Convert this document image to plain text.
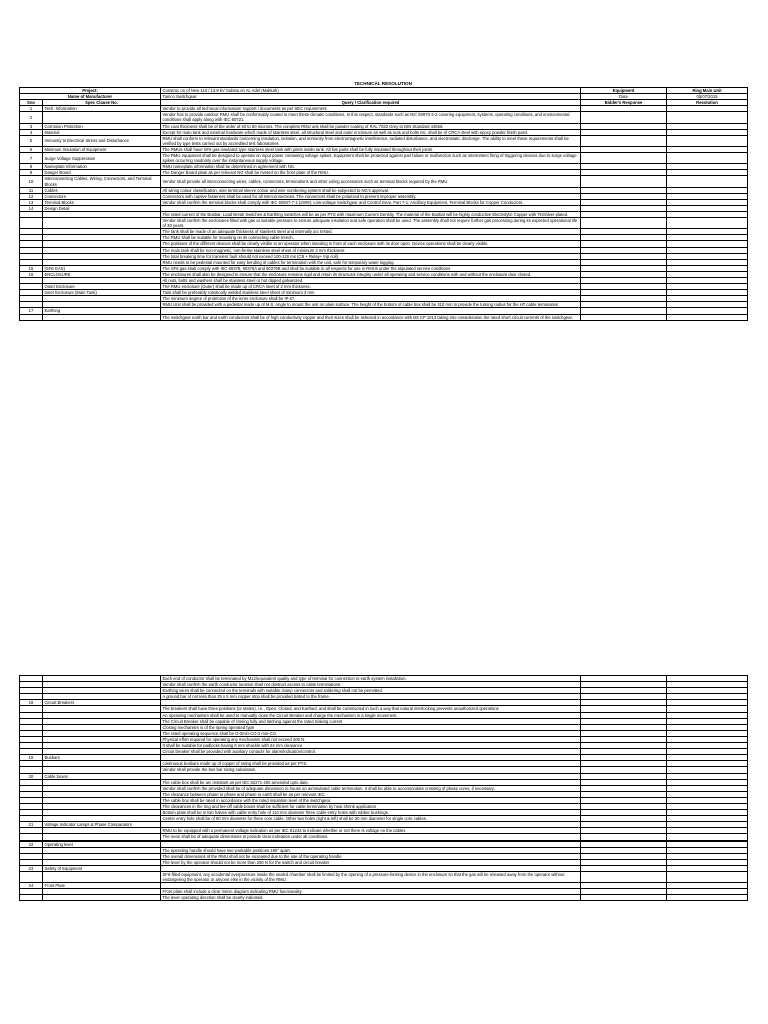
TECHNICAL RESOLUTION
Project:		Construc on of New 110 / 13.8 kV Substa on AL Adel (Makkah)	Equipment	Ring Main Unit
Name of Manufacturer		Tamco Switchgear	Date	05/07/2015
Sno	Spec Clause No.	Query / Clarification required	Bidder's Response	Resolution
1	Tech. Information	Vendor to provide all technical information/ support / documents as per SEC requirement		
2		Vendor has to provide outdoor RMU shall be conformably coated to meet these climatic conditions. In this respect, standards such as IEC 60870-2-2 covering equipment, systems, operating conditions, and environmental conditions shall apply along with IEC 60721.		
3	Corrosion Protection	The coat thickness shall be of the order of 40 to 60 microns. The complete RMU unit shall be powder coating of RAL 7032 Grey to DIN Standard 43656.		
4	Material	Except for main tank and external hardware which made of stainless steel, all structural steel and outer enclosure as well as nuts and bolts etc. shall be of CRCA steel with epoxy powder finish paint.		
5	Immunity to Electrical Stress and Disturbance	RMU shall conform to relevant standards concerning insulation, isolation, and immunity from electromagnetic interference, radiated disturbance, and electrostatic discharge. The ability to meet these requirements shall be verified by type tests carried out by accredited test laboratories		
6	Minimum Insulation of Equipment	The RMUs shall have SF6 gas-insulated type stainless steel tank with joints inside tank. All live parts shall be fully insulated throughout their joints.		
7	Surge Voltage Suppression	The RMU equipment shall be designed to operate on input power containing voltage spikes. Equipment shall be protected against part failure or malfunction such as intermittent firing of triggering devices due to surge voltage spikes occurring randomly over the instantaneous supply voltage.		
8	Nameplate Information	RMU nameplate information shall be determined in agreement with NG.		
9	Danger Board	The Danger Board plate as per relevant NG shall be riveted on the front plate of the RMU.		
10	Interconnecting Cables, Wiring, Connectors, and Terminal Blocks	Vendor shall provide all interconnecting wires, cables, connectors, terminations and other wiring accessories such as terminal blocks required by the RMU.		
11	Cables	All wiring colour classification, wire terminal sleeve colour and wire numbering system shall be subjected to NG's approval.		
12	Connectors	Connectors with captive fasteners shall be used for all interconnections. The connectors shall be polarized to prevent improper assembly.		
13	Terminal Blocks	Vendor shall confirm the terminal blocks shall comply with IEC 60947-7-1 (2009): Low-voltage Switchgear and Control Gear, Part 7-1: Ancillary Equipment, Terminal Blocks for Copper Conductors.		
14	Design Detail			
		The rated current of the Busbar, Load Break Switches & Earthing Switches will be as per PTS with maximum Current Density. The material of the Busbar will be highly conductive Electrolytic Copper with Tin/Silver plated.		
		Vendor shall confirm the enclosures filled with gas at suitable pressure to ensure adequate insulation and safe operation shall be used. The assembly shall not require further gas processing during its expected operational life of 30 years.		
		The tank shall be made of an adequate thickness of stainless steel and internally arc tested.		
		The RMU shall be suitable for mounting on its connecting cable trench.		
		The positions of the different devices shall be clearly visible to an operator when standing in front of each enclosure with its door open. Device operations shall be clearly visible.		
		The main tank shall be non-magnetic, non-ferrite stainless steel sheet of minimum 3 mm thickness		
		The total breaking time for transient fault should not exceed 100-120 ms (CB + Relay+ trip coil).		
		RMU needs to be pedestal mounted for easy bending of cables for termination with the unit, safe for temporary water logging.		
15	(SF6 GAS)	The SF6 gas shall comply with IEC 60376, 60376A and 60376B and shall be suitable in all respects for use in RMUs under the stipulated service conditions		
16	ENCLOSURE	The enclosures shall also be designed to ensure that the enclosure remains rigid and retain its structural integrity under all operating and service conditions with and without the enclosure door closed.		
		All nuts, bolts and washers shall be stainless steel or hot dipped galvanized.		
	Outer Enclosure	The RMU enclosure (Outer) shall be made up of CRCA steel of 2 mm thickness.		
	Inner Enclosure (Main Tank)	Tank shall be preferably robotically welded stainless steel sheet of minimum 3 mm		
		The minimum degree of protection of the inner enclosure shall be IP 67.		
		RMU Unit shall be provided with a pedestal made up of M.S. Angle to mount the unit on plain surface. The height of the bottom of cable box shall be 310 mm to provide the turning radius for the HT cable termination		
17	Earthing			
		The switchgear earth bar and earth conductors shall be of high conductivity copper and their sizes shall be selected in accordance with BS CP 1013 taking into consideration the rated short circuit currents of the switchgear.		
		Each end of conductor shall be terminated by M12/equivalent quality and type of terminal for connection to earth system installation.		
		Vendor shall confirm the earth conductor location shall not obstruct access to cable terminations.		
		Earthing wires shall be connected on the terminals with suitable clamp connectors and soldering shall not be permitted.		
		A ground bar of not less than 25 x 5 mm copper strip shall be provided bolted to the frame.		
18	Circuit Breakers			
		The breakers shall have three positions (or states), i.e., Open, Closed, and Earthed, and shall be constructed in such a way that natural interlocking prevents unauthorized operations		
		An operating mechanism shall be used to manually close the Circuit Breaker and charge the mechanism in a single movement.		
		The Circuit Breaker shall be capable of closing fully and latching against the rated making current		
		Closing mechanism is of the spring operated type		
		The rated operating sequence shall be O-3min-CO-3 min-CO.		
		Physical effort required for operating any mechanism shall not exceed 400 N.		
		It shall be suitable for padlocks having 6 mm shackle with 24 mm clearance		
		Circuit breaker shall be provided with auxiliary contacts for alarm/indication/control.		
19	Busbars			
		continuous busbars made up of copper of rating shall be provided as per PTS.		
		Vendor shall provide the bus bar sizing calculation.		
20	Cable boxes			
		The cable box shall be arc resistant as per IEC 62271-200 amended upto date.		
		Vendor shall confirm the provided shall be of adequate dimension to house an airinsulated cable termination. It shall be able to accommodate crossing of phase cores, if necessary.		
		The clearance between phase to phase and phase to earth shall be as per relevant IEC.		
		The cable box shall be rated in accordance with the rated insulation level of the switchgear.		
		The clearances in the ring and tee-off cable boxes shall be sufficient for cable termination by heat shrink application		
		Bottom plate shall be in two halves with cable entry hole of 110 mm diameter three cable entry holes with rubber bushings.		
		Center entry hole shall be of 80 mm diameter for three core cable. Other two holes (right & left) shall be 30 mm diameter for single core cables.		
21	Voltage Indicator Lamps & Phase Comparators			
		RMU to be equipped with a permanent voltage indication as per IEC 61243 to indicate whether or not there is voltage on the cables		
		The neon shall be of adequate dimensions to provide clear indication under all conditions.		

22	Operating lever			
		The operating handle should have two workable positions 180° apart.		
		The overall dimensions of the RMU shall not be increased due to the use of the operating handle.		
		The lever by the operator should not be more than 250 N for the switch and circuit breaker		
23	Safety of Equipment			
		SF6-filled equipment, any accidental overpressure inside the sealed chamber shall be limited by the opening of a pressure-limiting device in the enclosure so that the gas will be released away from the operator without endangering the operator or anyone else in the vicinity of the RMU.		
24	Front Plate			
		Front plate shall include a clear mimic diagram indicating RMU functionality		
		The lever operating direction shall be clearly indicated.		
